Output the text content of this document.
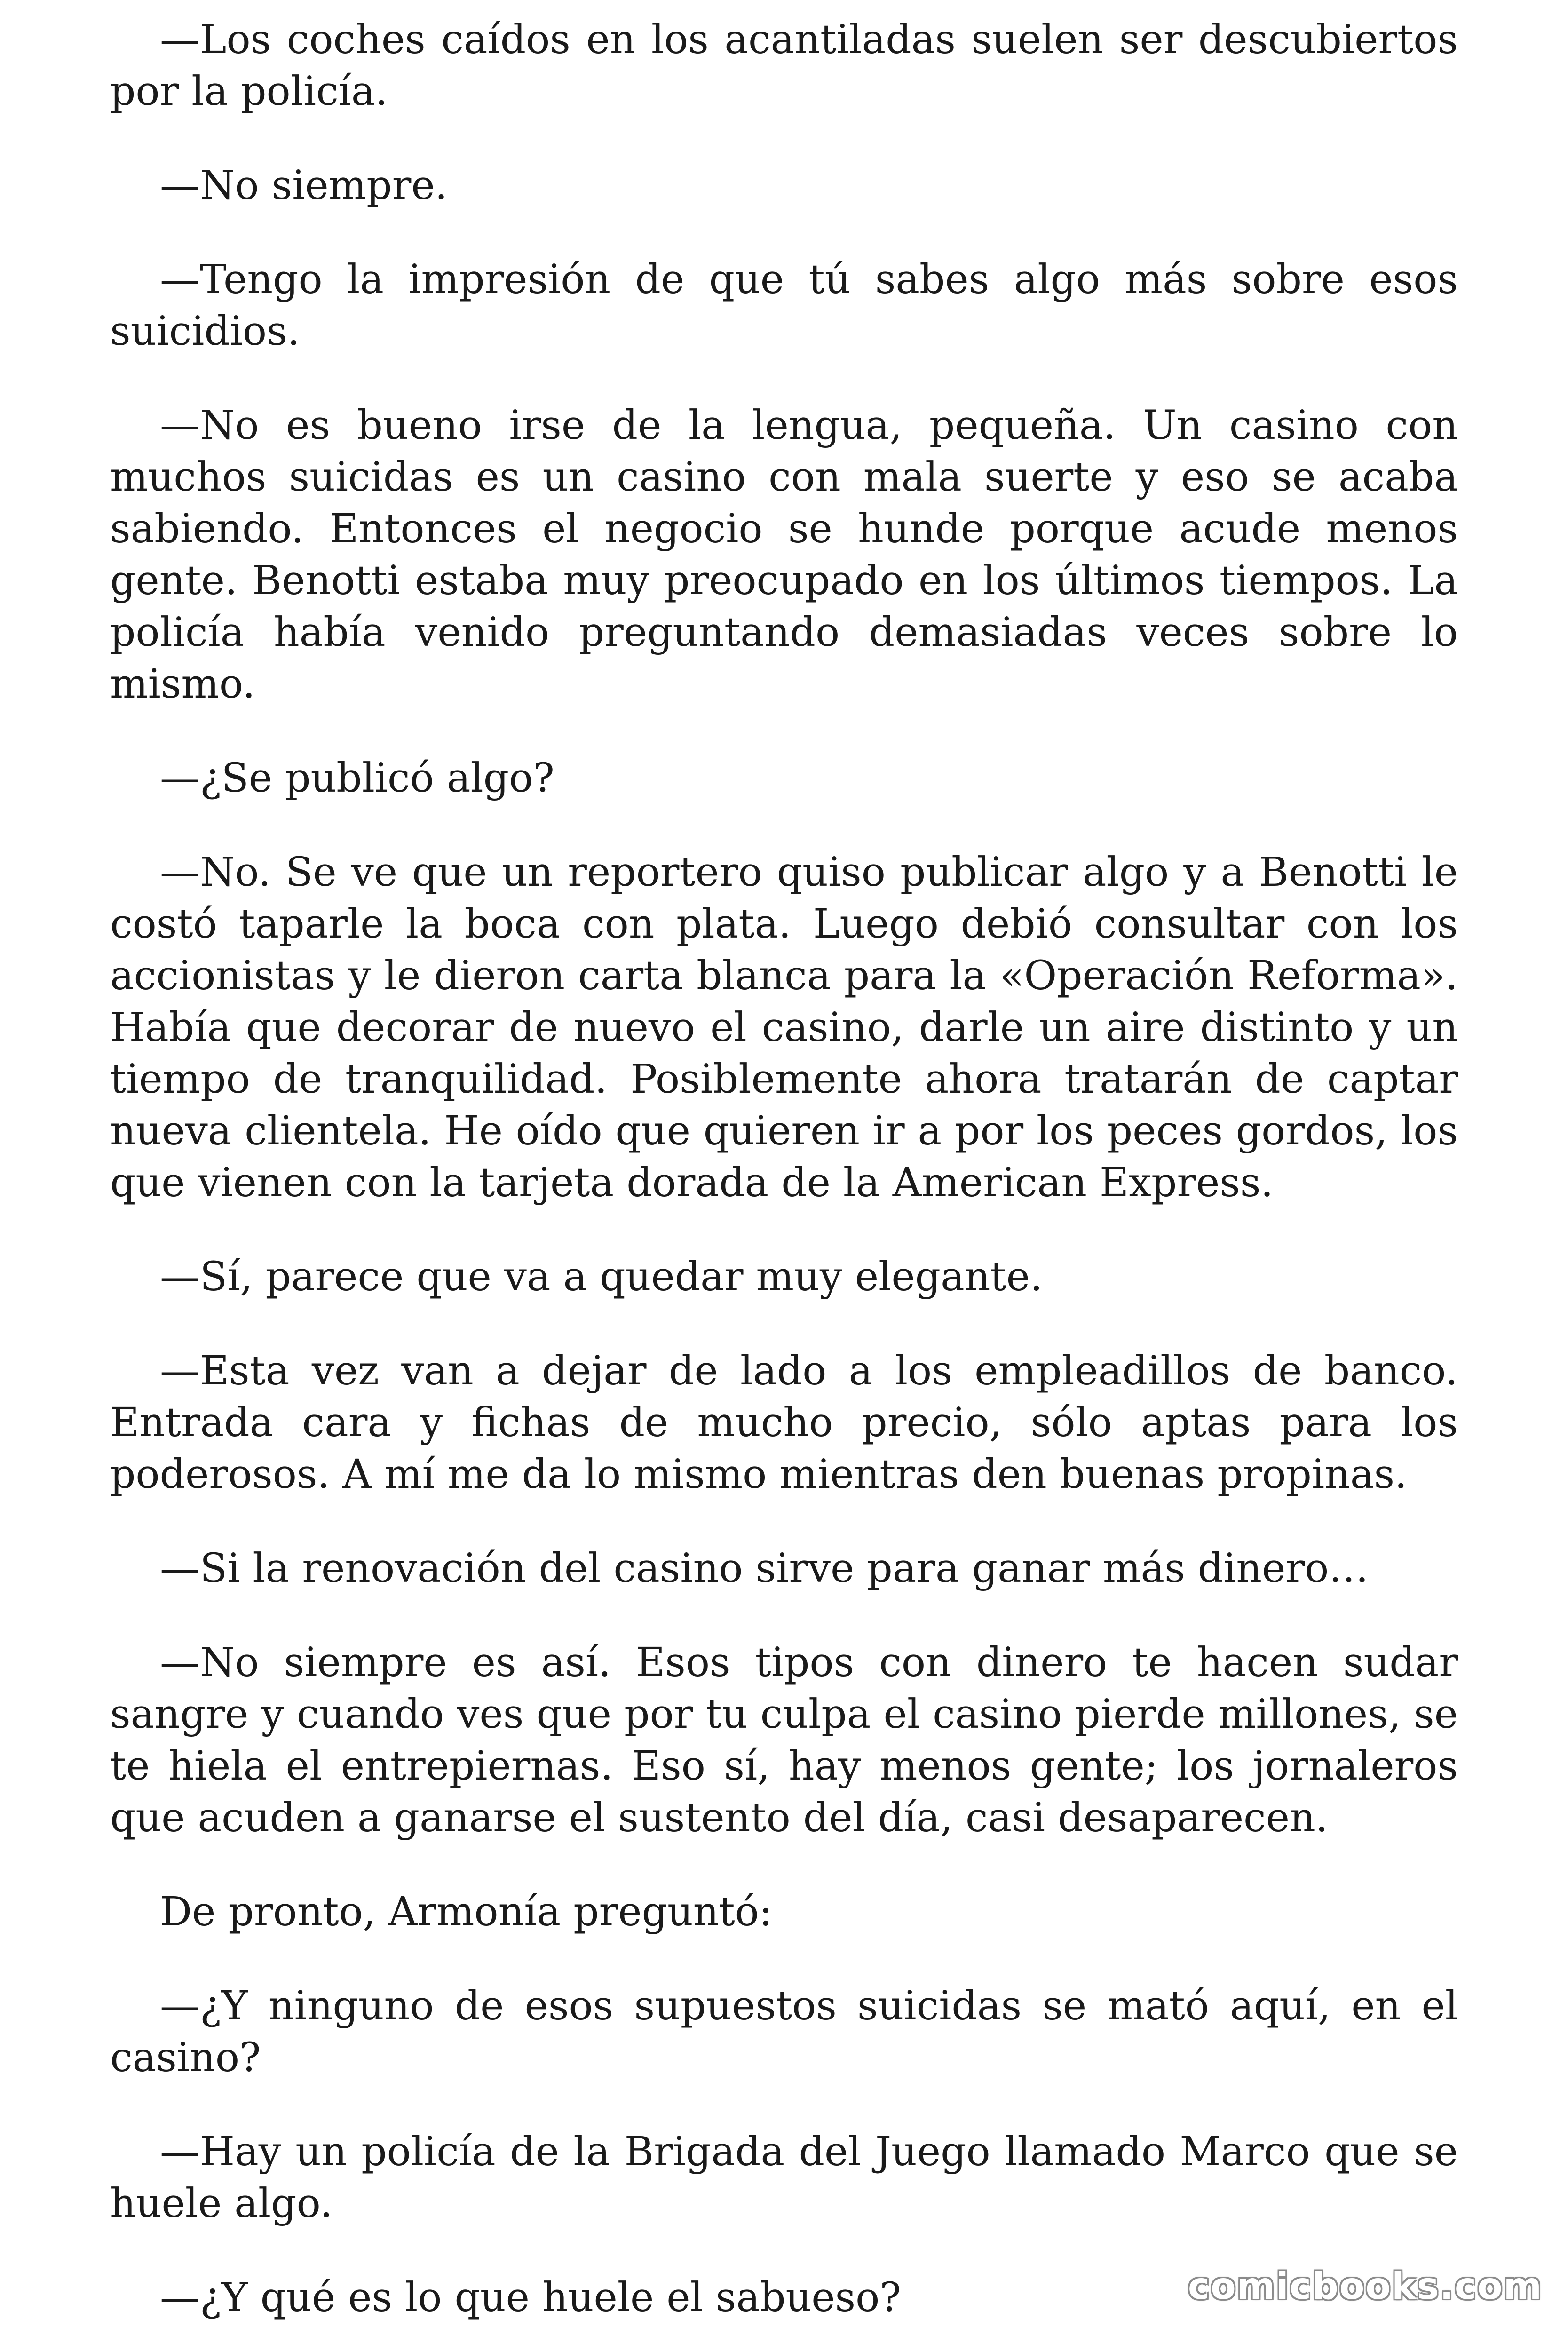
—Los coches caídos en los acantiladas suelen ser descubiertos por la policía.

—No siempre.

—Tengo la impresión de que tú sabes algo más sobre esos suicidios.

—No es bueno irse de la lengua, pequeña. Un casino con muchos suicidas es un casino con mala suerte y eso se acaba sabiendo. Entonces el negocio se hunde porque acude menos gente. Benotti estaba muy preocupado en los últimos tiempos. La policía había venido preguntando demasiadas veces sobre lo mismo.

—¿Se publicó algo?

—No. Se ve que un reportero quiso publicar algo y a Benotti le costó taparle la boca con plata. Luego debió consultar con los accionistas y le dieron carta blanca para la «Operación Reforma». Había que decorar de nuevo el casino, darle un aire distinto y un tiempo de tranquilidad. Posiblemente ahora tratarán de captar nueva clientela. He oído que quieren ir a por los peces gordos, los que vienen con la tarjeta dorada de la American Express.

—Sí, parece que va a quedar muy elegante.

—Esta vez van a dejar de lado a los empleadillos de banco. Entrada cara y fichas de mucho precio, sólo aptas para los poderosos. A mí me da lo mismo mientras den buenas propinas.

—Si la renovación del casino sirve para ganar más dinero…

—No siempre es así. Esos tipos con dinero te hacen sudar sangre y cuando ves que por tu culpa el casino pierde millones, se te hiela el entrepiernas. Eso sí, hay menos gente; los jornaleros que acuden a ganarse el sustento del día, casi desaparecen.

De pronto, Armonía preguntó:

—¿Y ninguno de esos supuestos suicidas se mató aquí, en el casino?

—Hay un policía de la Brigada del Juego llamado Marco que se huele algo.

—¿Y qué es lo que huele el sabueso?	comicbooks.com
